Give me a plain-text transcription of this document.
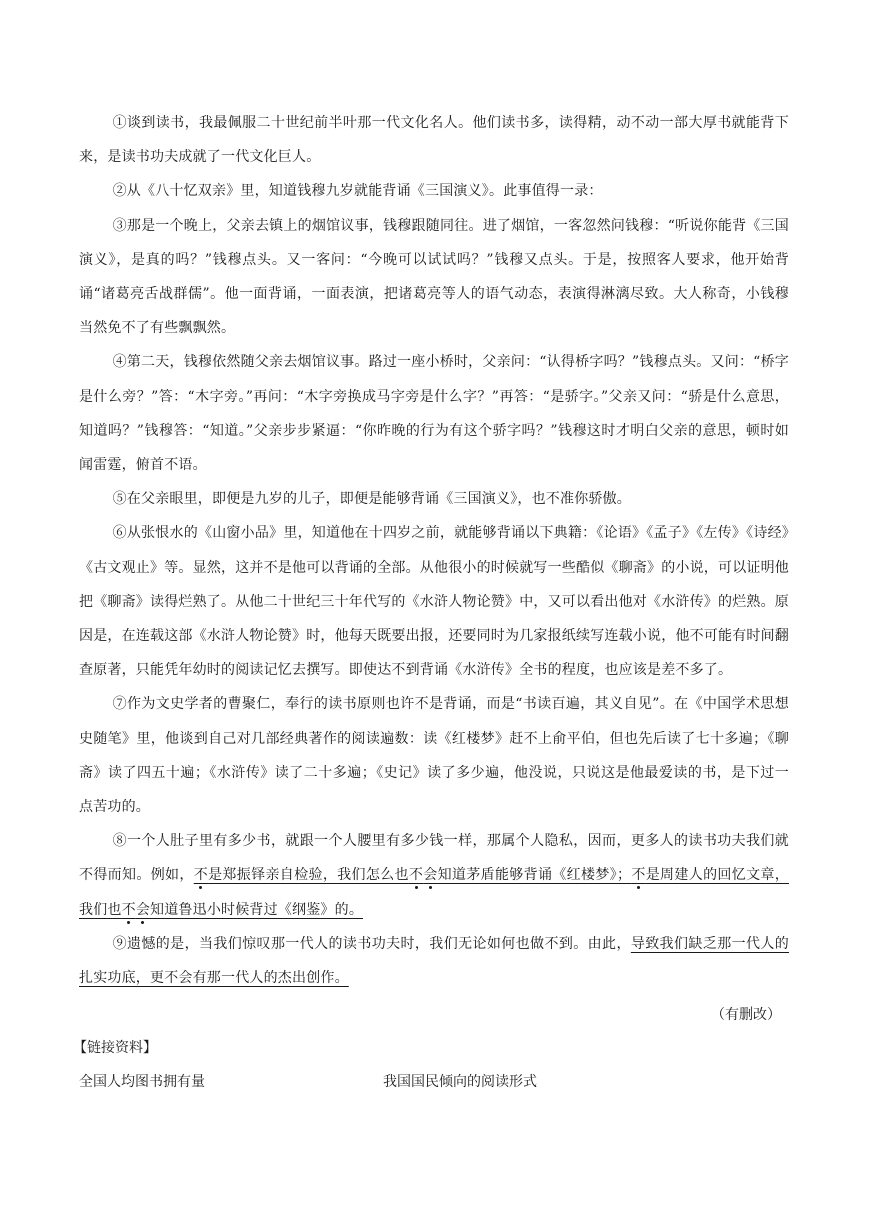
①谈到读书，我最佩服二十世纪前半叶那一代文化名人。他们读书多，读得精，动不动一部大厚书就能背下来，是读书功夫成就了一代文化巨人。

②从《八十忆双亲》里，知道钱穆九岁就能背诵《三国演义》。此事值得一录：

③那是一个晚上，父亲去镇上的烟馆议事，钱穆跟随同往。进了烟馆，一客忽然问钱穆：“听说你能背《三国演义》，是真的吗？”钱穆点头。又一客问：“今晚可以试试吗？”钱穆又点头。于是，按照客人要求，他开始背诵“诸葛亮舌战群儒”。他一面背诵，一面表演，把诸葛亮等人的语气动态，表演得淋漓尽致。大人称奇，小钱穆当然免不了有些飘飘然。

④第二天，钱穆依然随父亲去烟馆议事。路过一座小桥时，父亲问：“认得桥字吗？”钱穆点头。又问：“桥字是什么旁？”答：“木字旁。”再问：“木字旁换成马字旁是什么字？”再答：“是骄字。”父亲又问：“骄是什么意思，知道吗？”钱穆答：“知道。”父亲步步紧逼：“你昨晚的行为有这个骄字吗？”钱穆这时才明白父亲的意思，顿时如闻雷霆，俯首不语。

⑤在父亲眼里，即便是九岁的儿子，即便是能够背诵《三国演义》，也不准你骄傲。

⑥从张恨水的《山窗小品》里，知道他在十四岁之前，就能够背诵以下典籍：《论语》《孟子》《左传》《诗经》《古文观止》等。显然，这并不是他可以背诵的全部。从他很小的时候就写一些酷似《聊斋》的小说，可以证明他把《聊斋》读得烂熟了。从他二十世纪三十年代写的《水浒人物论赞》中，又可以看出他对《水浒传》的烂熟。原因是，在连载这部《水浒人物论赞》时，他每天既要出报，还要同时为几家报纸续写连载小说，他不可能有时间翻查原著，只能凭年幼时的阅读记忆去撰写。即使达不到背诵《水浒传》全书的程度，也应该是差不多了。

⑦作为文史学者的曹聚仁，奉行的读书原则也许不是背诵，而是“书读百遍，其义自见”。在《中国学术思想史随笔》里，他谈到自己对几部经典著作的阅读遍数：读《红楼梦》赶不上俞平伯，但也先后读了七十多遍；《聊斋》读了四五十遍；《水浒传》读了二十多遍；《史记》读了多少遍，他没说，只说这是他最爱读的书，是下过一点苦功的。

⑧一个人肚子里有多少书，就跟一个人腰里有多少钱一样，那属个人隐私，因而，更多人的读书功夫我们就不得而知。例如，不是郑振铎亲自检验，我们怎么也不会知道茅盾能够背诵《红楼梦》；不是周建人的回忆文章，我们也不会知道鲁迅小时候背过《纲鉴》的。

⑨遗憾的是，当我们惊叹那一代人的读书功夫时，我们无论如何也做不到。由此，导致我们缺乏那一代人的扎实功底，更不会有那一代人的杰出创作。

（有删改）
【链接资料】
全国人均图书拥有量	我国国民倾向的阅读形式
